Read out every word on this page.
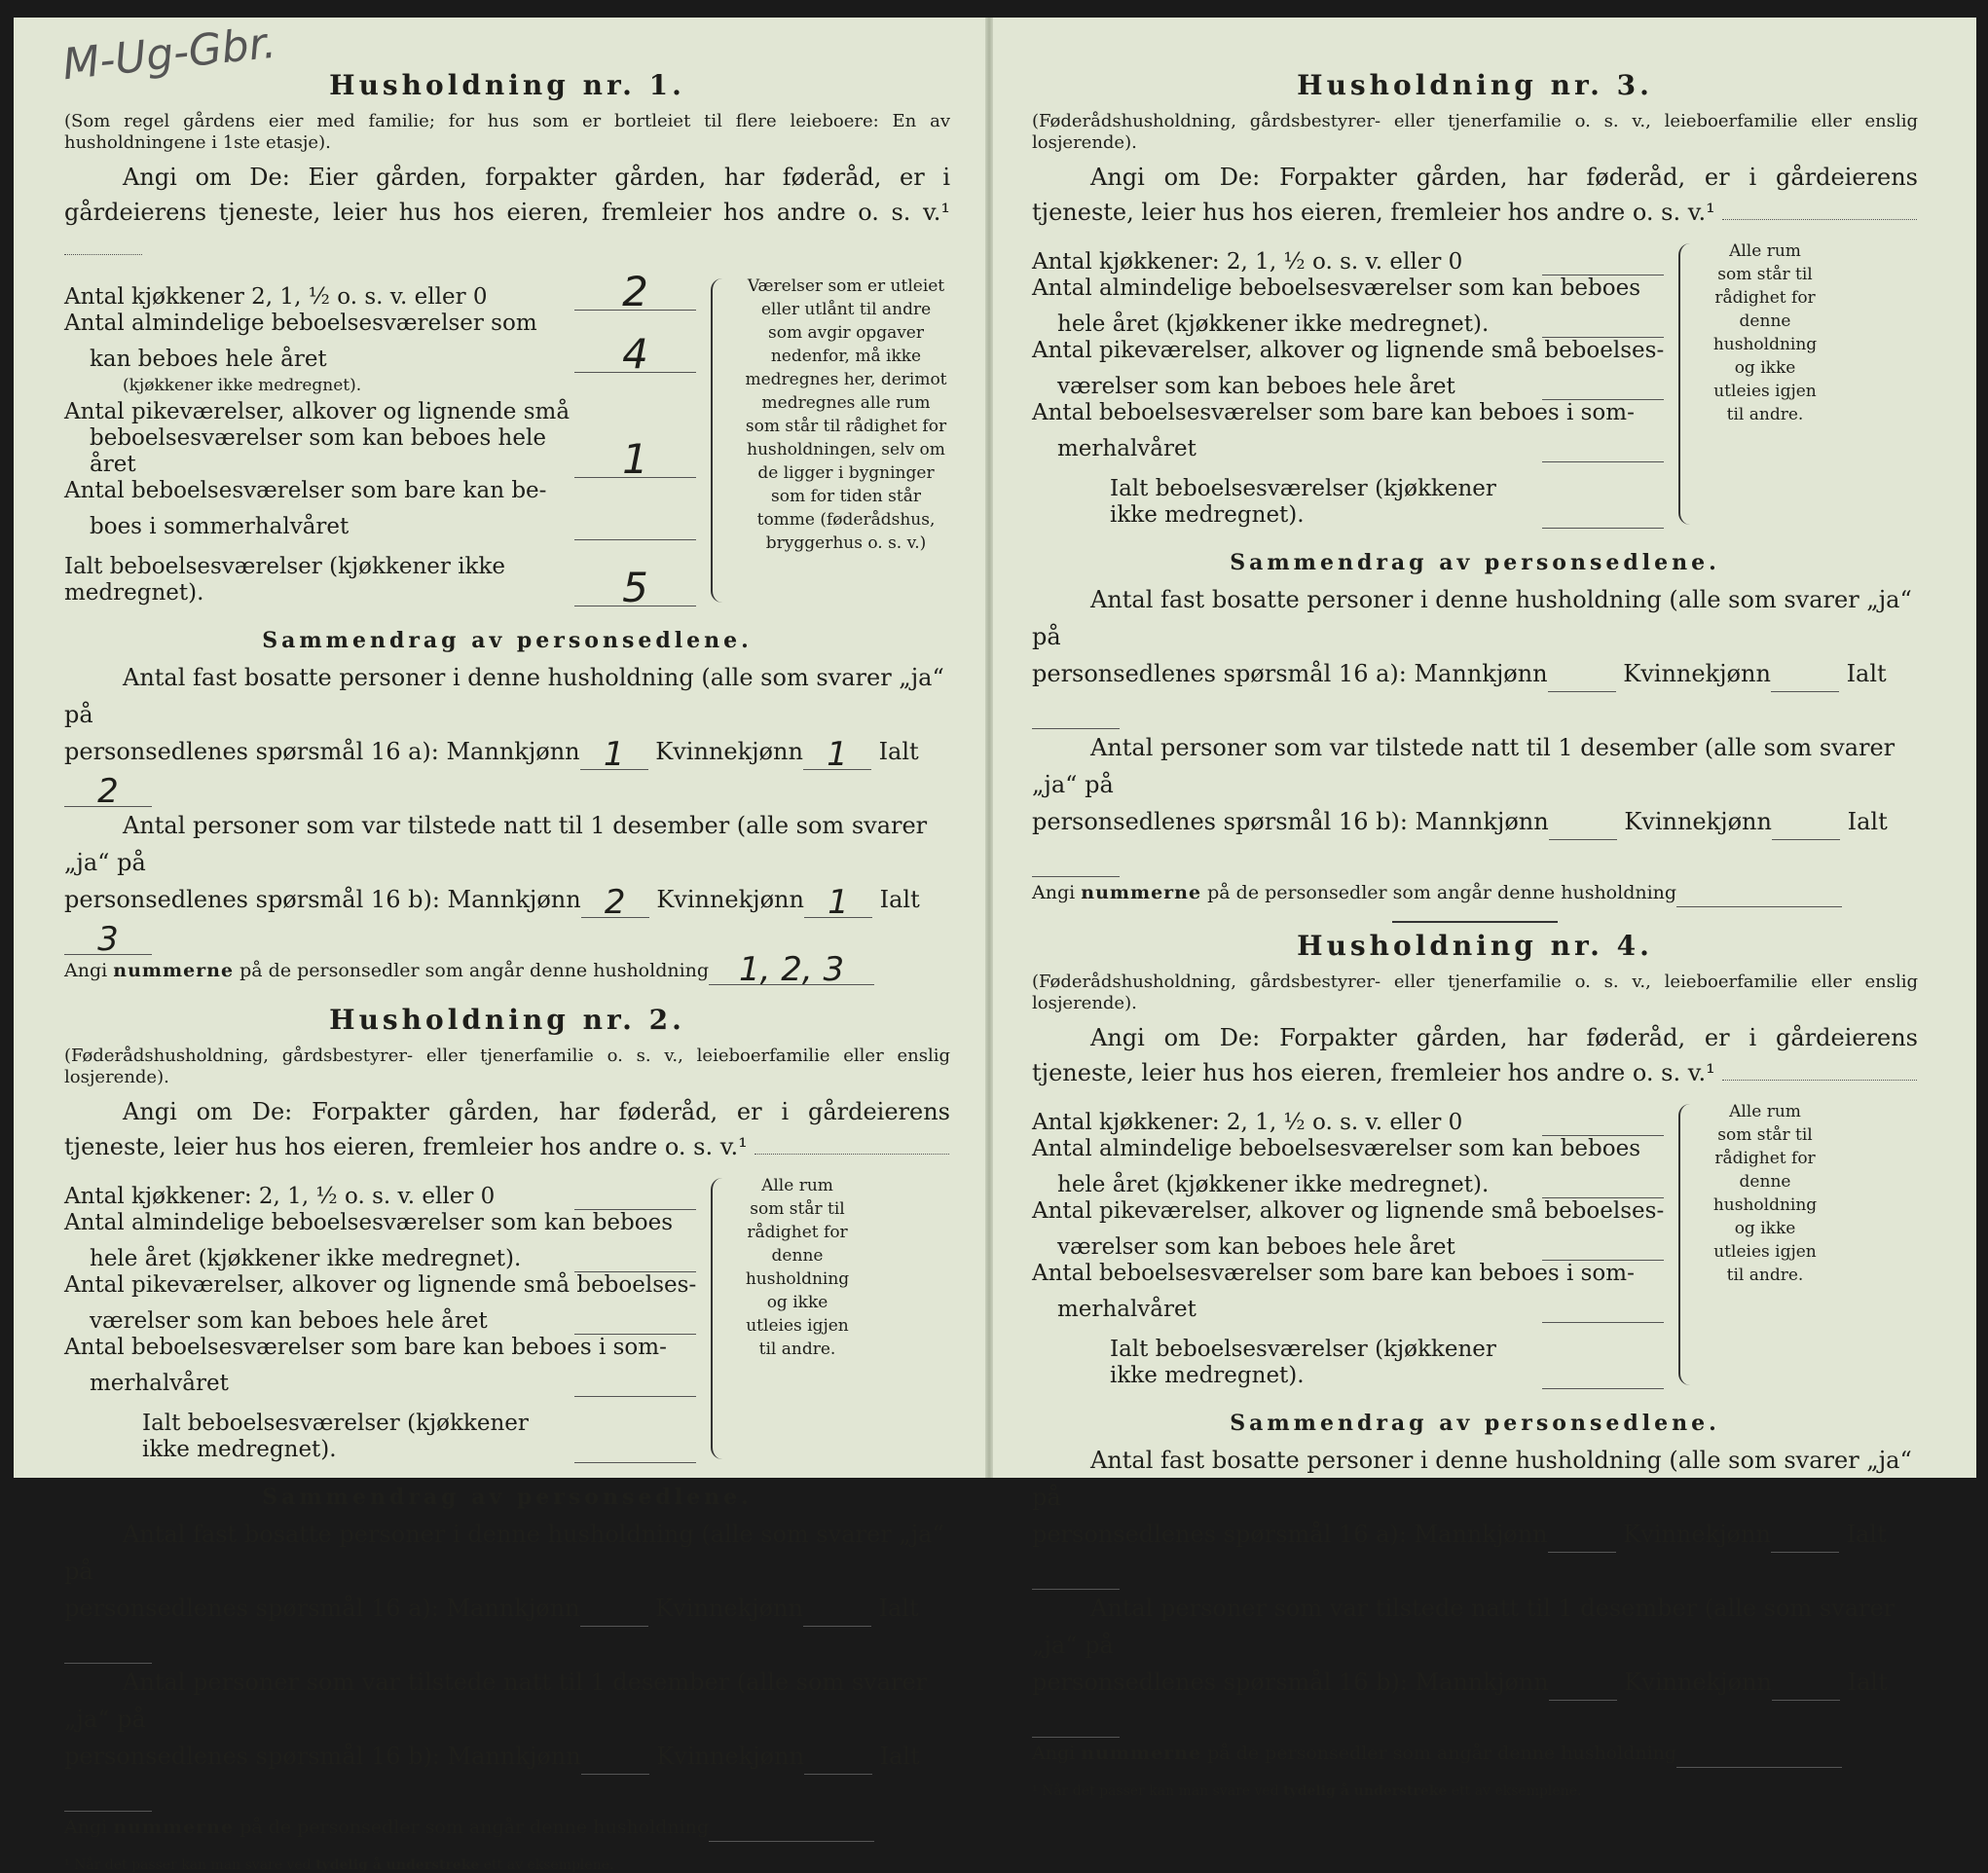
M-Ug-Gbr.	Husholdning nr. 1.

(Som regel gårdens eier med familie; for hus som er bortleiet til flere leieboere: En av husholdningene i 1ste etasje).

Angi om De: Eier gården, forpakter gården, har føderåd, er i gårdeierens tjeneste, leier hus hos eieren, fremleier hos andre o. s. v.¹

Antal kjøkkener 2, 1, ½ o. s. v. eller 0	2
Antal almindelige beboelsesværelser som
kan beboes hele året	4
(kjøkkener ikke medregnet).
Antal pikeværelser, alkover og lignende små
beboelsesværelser som kan beboes hele året	1
Antal beboelsesværelser som bare kan be-
boes i sommerhalvåret
Ialt beboelsesværelser (kjøkkener ikke medregnet).	5
Værelser som er utleiet eller utlånt til andre som avgir opgaver nedenfor, må ikke medregnes her, derimot medregnes alle rum som står til rådighet for husholdningen, selv om de ligger i bygninger som for tiden står tomme (føderådshus, bryggerhus o. s. v.)
Sammendrag av personsedlene.
Antal fast bosatte personer i denne husholdning (alle som svarer „ja“ på
personsedlenes spørsmål 16 a): Mannkjønn 1 Kvinnekjønn 1 Ialt2
Antal personer som var tilstede natt til 1 desember (alle som svarer „ja“ på
personsedlenes spørsmål 16 b): Mannkjønn 2 Kvinnekjønn 1 Ialt3
Angi nummerne på de personsedler som angår denne husholdning 1, 2, 3
Husholdning nr. 2.

(Føderådshusholdning, gårdsbestyrer- eller tjenerfamilie o. s. v., leieboerfamilie eller enslig losjerende).

Angi om De: Forpakter gården, har føderåd, er i gårdeierens tjeneste, leier hus hos eieren, fremleier hos andre o. s. v.¹

Antal kjøkkener: 2, 1, ½ o. s. v. eller 0
Antal almindelige beboelsesværelser som kan beboes
hele året (kjøkkener ikke medregnet).
Antal pikeværelser, alkover og lignende små beboelses-
værelser som kan beboes hele året
Antal beboelsesværelser som bare kan beboes i som-
merhalvåret
Ialt beboelsesværelser (kjøkkener ikke medregnet).
Alle rum som står til rådighet for denne husholdning og ikke utleies igjen til andre.
Sammendrag av personsedlene.
Antal fast bosatte personer i denne husholdning (alle som svarer „ja“ på
personsedlenes spørsmål 16 a): Mannkjønn	Kvinnekjønn	Ialt
Antal personer som var tilstede natt til 1 desember (alle som svarer „ja“ på
personsedlenes spørsmål 16 b): Mannkjønn	Kvinnekjønn	Ialt
Angi nummerne på de personsedler som angår denne husholdning
¹ Når det passer kan man svare ved tydelig å understreke ett av eksemplene.
Husholdning nr. 3.

(Føderådshusholdning, gårdsbestyrer- eller tjenerfamilie o. s. v., leieboerfamilie eller enslig losjerende).

Angi om De: Forpakter gården, har føderåd, er i gårdeierens tjeneste, leier hus hos eieren, fremleier hos andre o. s. v.¹

Antal kjøkkener: 2, 1, ½ o. s. v. eller 0
Antal almindelige beboelsesværelser som kan beboes
hele året (kjøkkener ikke medregnet).
Antal pikeværelser, alkover og lignende små beboelses-
værelser som kan beboes hele året
Antal beboelsesværelser som bare kan beboes i som-
merhalvåret
Ialt beboelsesværelser (kjøkkener ikke medregnet).
Alle rum som står til rådighet for denne husholdning og ikke utleies igjen til andre.
Sammendrag av personsedlene.
Antal fast bosatte personer i denne husholdning (alle som svarer „ja“ på
personsedlenes spørsmål 16 a): Mannkjønn	Kvinnekjønn	Ialt
Antal personer som var tilstede natt til 1 desember (alle som svarer „ja“ på
personsedlenes spørsmål 16 b): Mannkjønn	Kvinnekjønn	Ialt
Angi nummerne på de personsedler som angår denne husholdning
Husholdning nr. 4.

(Føderådshusholdning, gårdsbestyrer- eller tjenerfamilie o. s. v., leieboerfamilie eller enslig losjerende).

Angi om De: Forpakter gården, har føderåd, er i gårdeierens tjeneste, leier hus hos eieren, fremleier hos andre o. s. v.¹

Antal kjøkkener: 2, 1, ½ o. s. v. eller 0
Antal almindelige beboelsesværelser som kan beboes
hele året (kjøkkener ikke medregnet).
Antal pikeværelser, alkover og lignende små beboelses-
værelser som kan beboes hele året
Antal beboelsesværelser som bare kan beboes i som-
merhalvåret
Ialt beboelsesværelser (kjøkkener ikke medregnet).
Alle rum som står til rådighet for denne husholdning og ikke utleies igjen til andre.
Sammendrag av personsedlene.
Antal fast bosatte personer i denne husholdning (alle som svarer „ja“ på
personsedlenes spørsmål 16 a): Mannkjønn	Kvinnekjønn	Ialt
Antal personer som var tilstede natt til 1 desember (alle som svarer „ja“ på
personsedlenes spørsmål 16 b): Mannkjønn	Kvinnekjønn	Ialt
Angi nummerne på de personsedler som angår denne husholdning
¹ Når det passer kan man svare ved tydelig å understreke ett av eksemplene.
